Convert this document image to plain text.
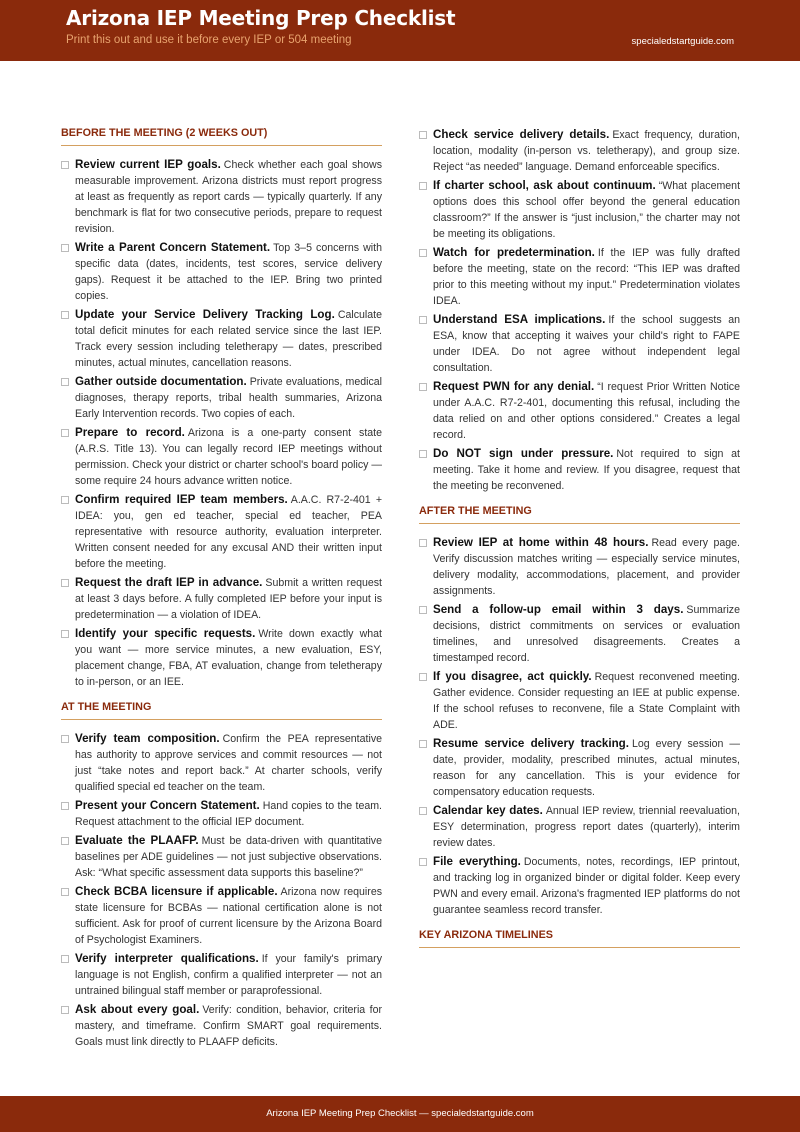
Arizona IEP Meeting Prep Checklist
Print this out and use it before every IEP or 504 meeting	specialedstartguide.com
BEFORE THE MEETING (2 WEEKS OUT)
Review current IEP goals. Check whether each goal shows measurable improvement. Arizona districts must report progress at least as frequently as report cards — typically quarterly. If any benchmark is flat for two consecutive periods, prepare to request revision.
Write a Parent Concern Statement. Top 3–5 concerns with specific data (dates, incidents, test scores, service delivery gaps). Request it be attached to the IEP. Bring two printed copies.
Update your Service Delivery Tracking Log. Calculate total deficit minutes for each related service since the last IEP. Track every session including teletherapy — dates, prescribed minutes, actual minutes, cancellation reasons.
Gather outside documentation. Private evaluations, medical diagnoses, therapy reports, tribal health summaries, Arizona Early Intervention records. Two copies of each.
Prepare to record. Arizona is a one-party consent state (A.R.S. Title 13). You can legally record IEP meetings without permission. Check your district or charter school's board policy — some require 24 hours advance written notice.
Confirm required IEP team members. A.A.C. R7-2-401 + IDEA: you, gen ed teacher, special ed teacher, PEA representative with resource authority, evaluation interpreter. Written consent needed for any excusal AND their written input before the meeting.
Request the draft IEP in advance. Submit a written request at least 3 days before. A fully completed IEP before your input is predetermination — a violation of IDEA.
Identify your specific requests. Write down exactly what you want — more service minutes, a new evaluation, ESY, placement change, FBA, AT evaluation, change from teletherapy to in-person, or an IEE.
AT THE MEETING
Verify team composition. Confirm the PEA representative has authority to approve services and commit resources — not just “take notes and report back.” At charter schools, verify qualified special ed teacher on the team.
Present your Concern Statement. Hand copies to the team. Request attachment to the official IEP document.
Evaluate the PLAAFP. Must be data-driven with quantitative baselines per ADE guidelines — not just subjective observations. Ask: “What specific assessment data supports this baseline?”
Check BCBA licensure if applicable. Arizona now requires state licensure for BCBAs — national certification alone is not sufficient. Ask for proof of current licensure by the Arizona Board of Psychologist Examiners.
Verify interpreter qualifications. If your family's primary language is not English, confirm a qualified interpreter — not an untrained bilingual staff member or paraprofessional.
Ask about every goal. Verify: condition, behavior, criteria for mastery, and timeframe. Confirm SMART goal requirements. Goals must link directly to PLAAFP deficits.
Check service delivery details. Exact frequency, duration, location, modality (in-person vs. teletherapy), and group size. Reject “as needed” language. Demand enforceable specifics.
If charter school, ask about continuum. “What placement options does this school offer beyond the general education classroom?” If the answer is “just inclusion,” the charter may not be meeting its obligations.
Watch for predetermination. If the IEP was fully drafted before the meeting, state on the record: “This IEP was drafted prior to this meeting without my input.” Predetermination violates IDEA.
Understand ESA implications. If the school suggests an ESA, know that accepting it waives your child's right to FAPE under IDEA. Do not agree without independent legal consultation.
Request PWN for any denial. “I request Prior Written Notice under A.A.C. R7-2-401, documenting this refusal, including the data relied on and other options considered.” Creates a legal record.
Do NOT sign under pressure. Not required to sign at meeting. Take it home and review. If you disagree, request that the meeting be reconvened.
AFTER THE MEETING
Review IEP at home within 48 hours. Read every page. Verify discussion matches writing — especially service minutes, delivery modality, accommodations, placement, and provider assignments.
Send a follow-up email within 3 days. Summarize decisions, district commitments on services or evaluation timelines, and unresolved disagreements. Creates a timestamped record.
If you disagree, act quickly. Request reconvened meeting. Gather evidence. Consider requesting an IEE at public expense. If the school refuses to reconvene, file a State Complaint with ADE.
Resume service delivery tracking. Log every session — date, provider, modality, prescribed minutes, actual minutes, reason for any cancellation. This is your evidence for compensatory education requests.
Calendar key dates. Annual IEP review, triennial reevaluation, ESY determination, progress report dates (quarterly), interim review dates.
File everything. Documents, notes, recordings, IEP printout, and tracking log in organized binder or digital folder. Keep every PWN and every email. Arizona's fragmented IEP platforms do not guarantee seamless record transfer.
KEY ARIZONA TIMELINES
Arizona IEP Meeting Prep Checklist — specialedstartguide.com
